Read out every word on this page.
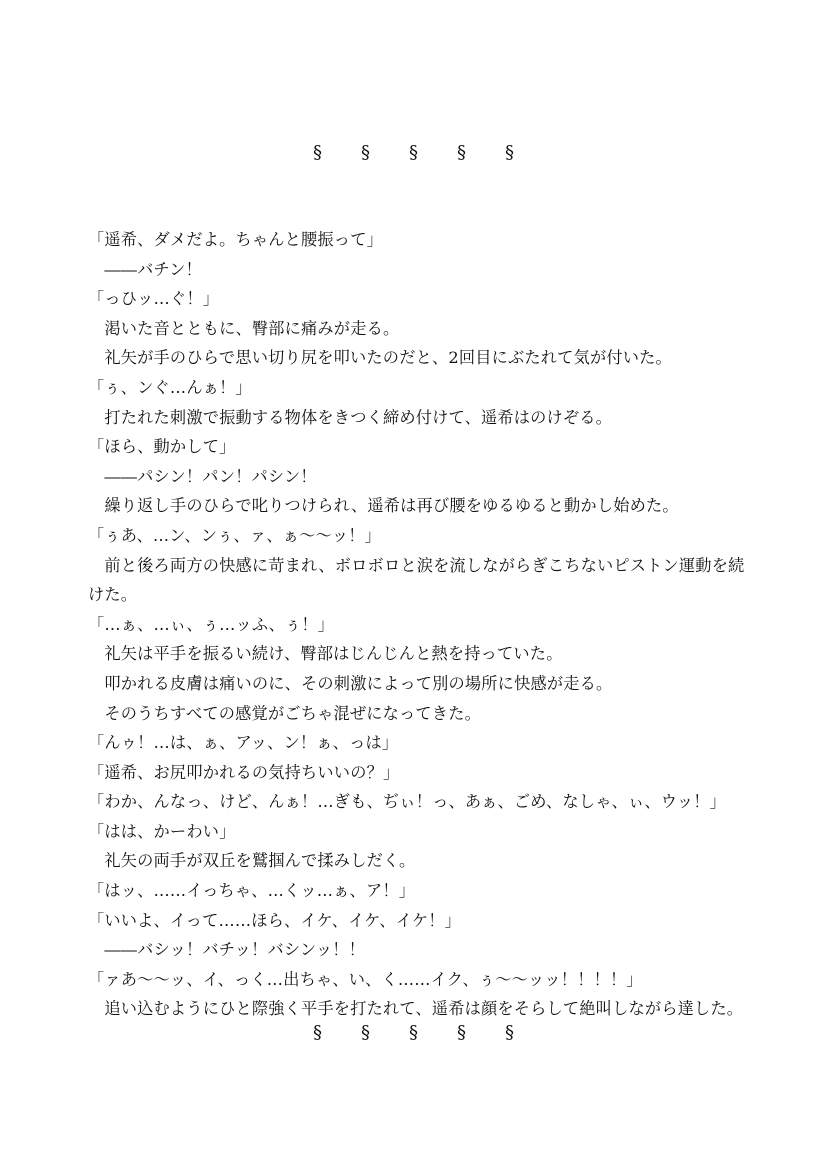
§	§	§	§	§
「遥希、ダメだよ。ちゃんと腰振って」
　――バチン！
「っひッ…ぐ！」
　渇いた音とともに、臀部に痛みが走る。
　礼矢が手のひらで思い切り尻を叩いたのだと、2回目にぶたれて気が付いた。
「ぅ、ンぐ…んぁ！」
　打たれた刺激で振動する物体をきつく締め付けて、遥希はのけぞる。
「ほら、動かして」
　――パシン！パン！パシン！
　繰り返し手のひらで叱りつけられ、遥希は再び腰をゆるゆると動かし始めた。
「ぅあ、…ン、ンぅ、ァ、ぁ～～ッ！」
　前と後ろ両方の快感に苛まれ、ボロボロと涙を流しながらぎこちないピストン運動を続
けた。
「…ぁ、…ぃ、ぅ…ッふ、ぅ！」
　礼矢は平手を振るい続け、臀部はじんじんと熱を持っていた。
　叩かれる皮膚は痛いのに、その刺激によって別の場所に快感が走る。
　そのうちすべての感覚がごちゃ混ぜになってきた。
「んゥ！…は、ぁ、アッ、ン！ぁ、っは」
「遥希、お尻叩かれるの気持ちいいの？」
「わか、んなっ、けど、んぁ！…ぎも、ぢぃ！っ、あぁ、ごめ、なしゃ、ぃ、ウッ！」
「はは、かーわい」
　礼矢の両手が双丘を鷲掴んで揉みしだく。
「はッ、……イっちゃ、…くッ…ぁ、ア！」
「いいよ、イって……ほら、イケ、イケ、イケ！」
　――バシッ！バチッ！バシンッ！！
「ァあ～～ッ、イ、っく…出ちゃ、い、く……イク、ぅ～～ッッ！！！！」
　追い込むようにひと際強く平手を打たれて、遥希は顔をそらして絶叫しながら達した。
§	§	§	§	§
